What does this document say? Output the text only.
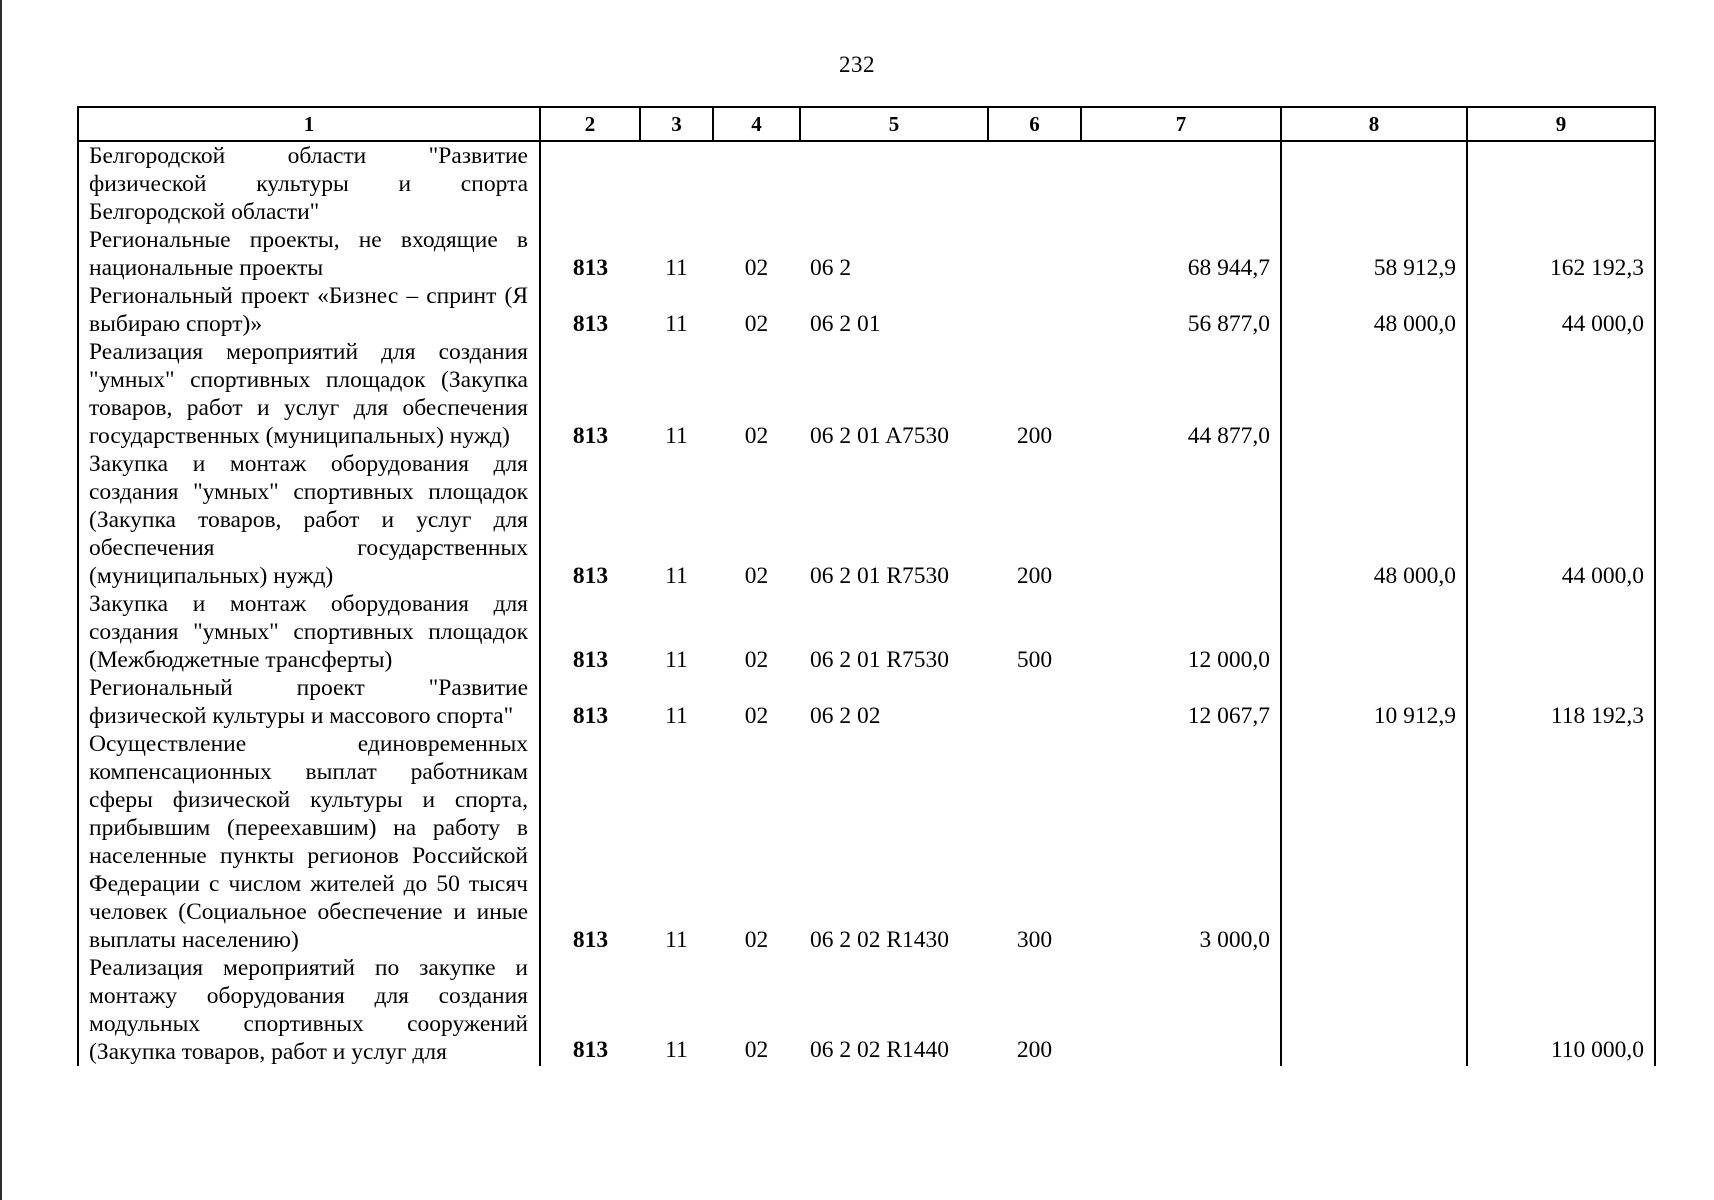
232
1	2	3	4	5	6	7	8	9
Белгородской области "Развитие физической культуры и спорта Белгородской области"								
Региональные проекты, не входящие в национальные проекты	813	11	02	06 2		68 944,7	58 912,9	162 192,3
Региональный проект «Бизнес – спринт (Я выбираю спорт)»	813	11	02	06 2 01		56 877,0	48 000,0	44 000,0
Реализация мероприятий для создания "умных" спортивных площадок (Закупка товаров, работ и услуг для обеспечения государственных (муниципальных) нужд)	813	11	02	06 2 01 A7530	200	44 877,0		
Закупка и монтаж оборудования для создания "умных" спортивных площадок (Закупка товаров, работ и услуг для обеспечения государственных (муниципальных) нужд)	813	11	02	06 2 01 R7530	200		48 000,0	44 000,0
Закупка и монтаж оборудования для создания "умных" спортивных площадок (Межбюджетные трансферты)	813	11	02	06 2 01 R7530	500	12 000,0		
Региональный проект "Развитие физической культуры и массового спорта"	813	11	02	06 2 02		12 067,7	10 912,9	118 192,3
Осуществление единовременных компенсационных выплат работникам сферы физической культуры и спорта, прибывшим (переехавшим) на работу в населенные пункты регионов Российской Федерации с числом жителей до 50 тысяч человек (Социальное обеспечение и иные выплаты населению)	813	11	02	06 2 02 R1430	300	3 000,0		
Реализация мероприятий по закупке и монтажу оборудования для создания модульных спортивных сооружений (Закупка товаров, работ и услуг для	813	11	02	06 2 02 R1440	200			110 000,0
